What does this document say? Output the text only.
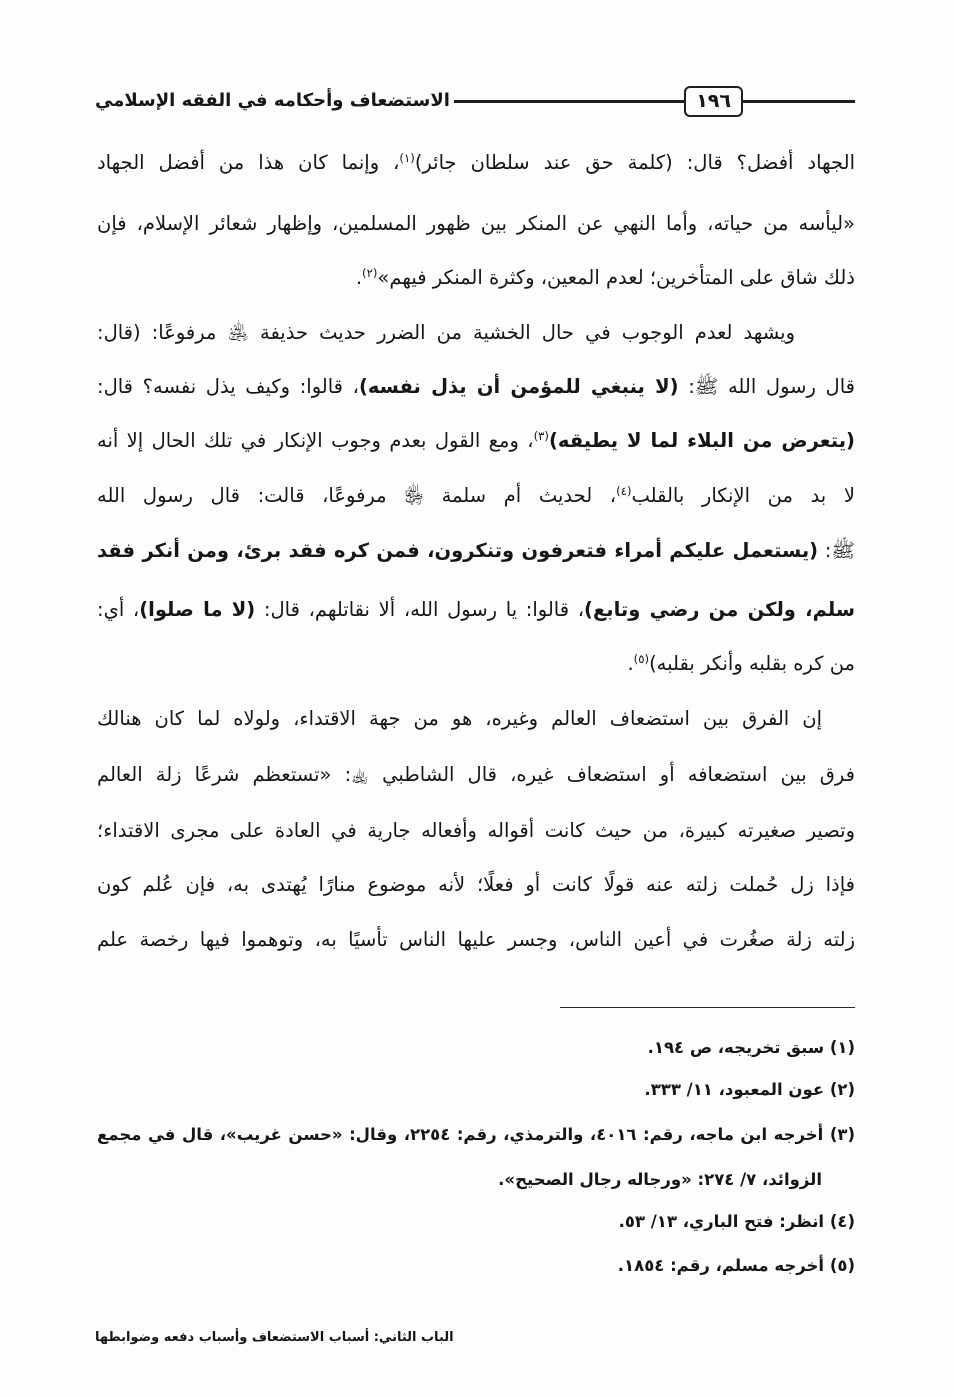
الاستضعاف وأحكامه في الفقه الإسلامي	١٩٦
الجهاد أفضل؟ قال: (كلمة حق عند سلطان جائر)$^{(١)}$، وإنما كان هذا من أفضل الجهاد
«ليأسه من حياته، وأما النهي عن المنكر بين ظهور المسلمين، وإظهار شعائر الإسلام، فإن
ذلك شاق على المتأخرين؛ لعدم المعين، وكثرة المنكر فيهم»$^{(٢)}$.
ويشهد لعدم الوجوب في حال الخشية من الضرر حديث حذيفة ﵁ مرفوعًا: (قال:
قال رسول الله ﷺ: (لا ينبغي للمؤمن أن يذل نفسه)، قالوا: وكيف يذل نفسه؟ قال:
(يتعرض من البلاء لما لا يطيقه)$^{(٣)}$، ومع القول بعدم وجوب الإنكار في تلك الحال إلا أنه
لا بد من الإنكار بالقلب$^{(٤)}$، لحديث أم سلمة ﵂ مرفوعًا، قالت: قال رسول الله
ﷺ: (يستعمل عليكم أمراء فتعرفون وتنكرون، فمن كره فقد برئ، ومن أنكر فقد
سلم، ولكن من رضي وتابع)، قالوا: يا رسول الله، ألا نقاتلهم، قال: (لا ما صلوا)، أي:
من كره بقلبه وأنكر بقلبه)$^{(٥)}$.
إن الفرق بين استضعاف العالم وغيره، هو من جهة الاقتداء، ولولاه لما كان هنالك
فرق بين استضعافه أو استضعاف غيره، قال الشاطبي ﵀: «تستعظم شرعًا زلة العالم
وتصير صغيرته كبيرة، من حيث كانت أقواله وأفعاله جارية في العادة على مجرى الاقتداء؛
فإذا زل حُملت زلته عنه قولًا كانت أو فعلًا؛ لأنه موضوع منارًا يُهتدى به، فإن عُلم كون
زلته زلة صغُرت في أعين الناس، وجسر عليها الناس تأسيًا به، وتوهموا فيها رخصة علم
(١) سبق تخريجه، ص ١٩٤.
(٢) عون المعبود، ١١/ ٣٣٣.
(٣) أخرجه ابن ماجه، رقم: ٤٠١٦، والترمذي، رقم: ٢٢٥٤، وقال: «حسن غريب»، قال في مجمع
الزوائد، ٧/ ٢٧٤: «ورجاله رجال الصحيح».
(٤) انظر: فتح الباري، ١٣/ ٥٣.
(٥) أخرجه مسلم، رقم: ١٨٥٤.
الباب الثاني: أسباب الاستضعاف وأسباب دفعه وضوابطها
